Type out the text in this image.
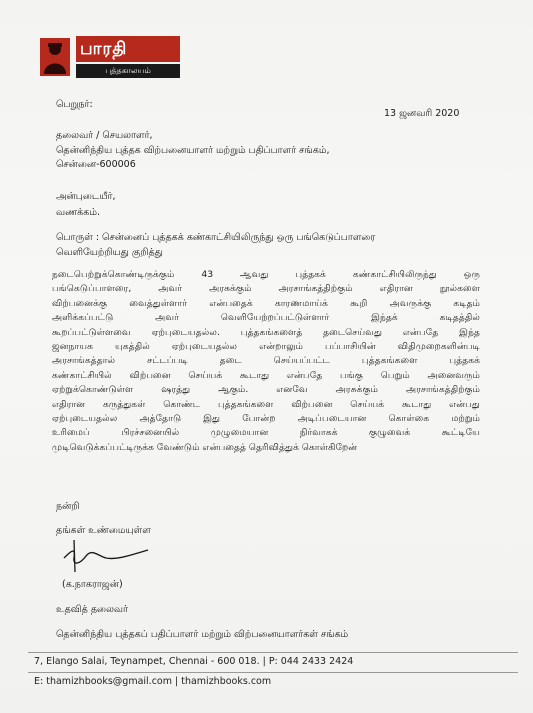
பாரதி
புத்தகாலயம்
பெறுநர்:
13 ஜனவரி 2020
தலைவர் / செயலாளர்,
தென்னிந்திய புத்தக விற்பனையாளர் மற்றும் பதிப்பாளர் சங்கம்,
சென்னை-600006
அன்புடையீர்,
வணக்கம்.
பொருள் : சென்னைப் புத்தகக் கண்காட்சியிலிருந்து ஒரு பங்கெடுப்பாளரை
வெளியேற்றியது குறித்து
நடைபெற்றுக்கொண்டிருக்கும் 43 ஆவது புத்தகக் கண்காட்சியிலிருந்து ஒரு
பங்கெடுப்பாளரை, அவர் அரசுக்கும் அரசாங்கத்திற்கும் எதிரான நூல்களை
விற்பனைக்கு வைத்துள்ளார் என்பதைக் காரணமாய்க் கூறி அவருக்கு கடிதம்
அளிக்கப்பட்டு அவர் வெளியேற்றப்பட்டுள்ளார் இந்தக் கடிதத்தில்
கூறப்பட்டுள்ளவை ஏற்புடையதல்ல. புத்தகங்களைத் தடைசெய்வது என்பதே இந்த
ஜனநாயக யுகத்தில் ஏற்புடையதல்ல என்றாலும் பப்பாசியின் விதிமுறைகளின்படி
அரசாங்கத்தால் சட்டப்படி தடை செய்யப்பட்ட புத்தகங்களை புத்தகக்
கண்காட்சியில் விற்பனை செய்யக் கூடாது என்பதே பங்கு பெறும் அனைவரும்
ஏற்றுக்கொண்டுள்ள ஷரத்து ஆகும். எனவே அரசுக்கும் அரசாங்கத்திற்கும்
எதிரான கருத்துகள் கொண்ட புத்தகங்களை விற்பனை செய்யக் கூடாது என்பது
ஏற்புடையதல்ல அத்தோடு இது போன்ற அடிப்படையான கொள்கை மற்றும்
உரிமைப் பிரச்சனையில் முழுமையான நிர்வாகக் குழுவைக் கூட்டியே
முடிவெடுக்கப்பட்டிருக்க வேண்டும் என்பதைத் தெரிவித்துக் கொள்கிறேன்
நன்றி
தங்கள் உண்மையுள்ள
(க.நாகராஜன்)
உதவித் தலைவர்
தென்னிந்திய புத்தகப் பதிப்பாளர் மற்றும் விற்பனையாளர்கள் சங்கம்
7, Elango Salai, Teynampet, Chennai - 600 018. | P: 044 2433 2424
E: thamizhbooks@gmail.com | thamizhbooks.com
